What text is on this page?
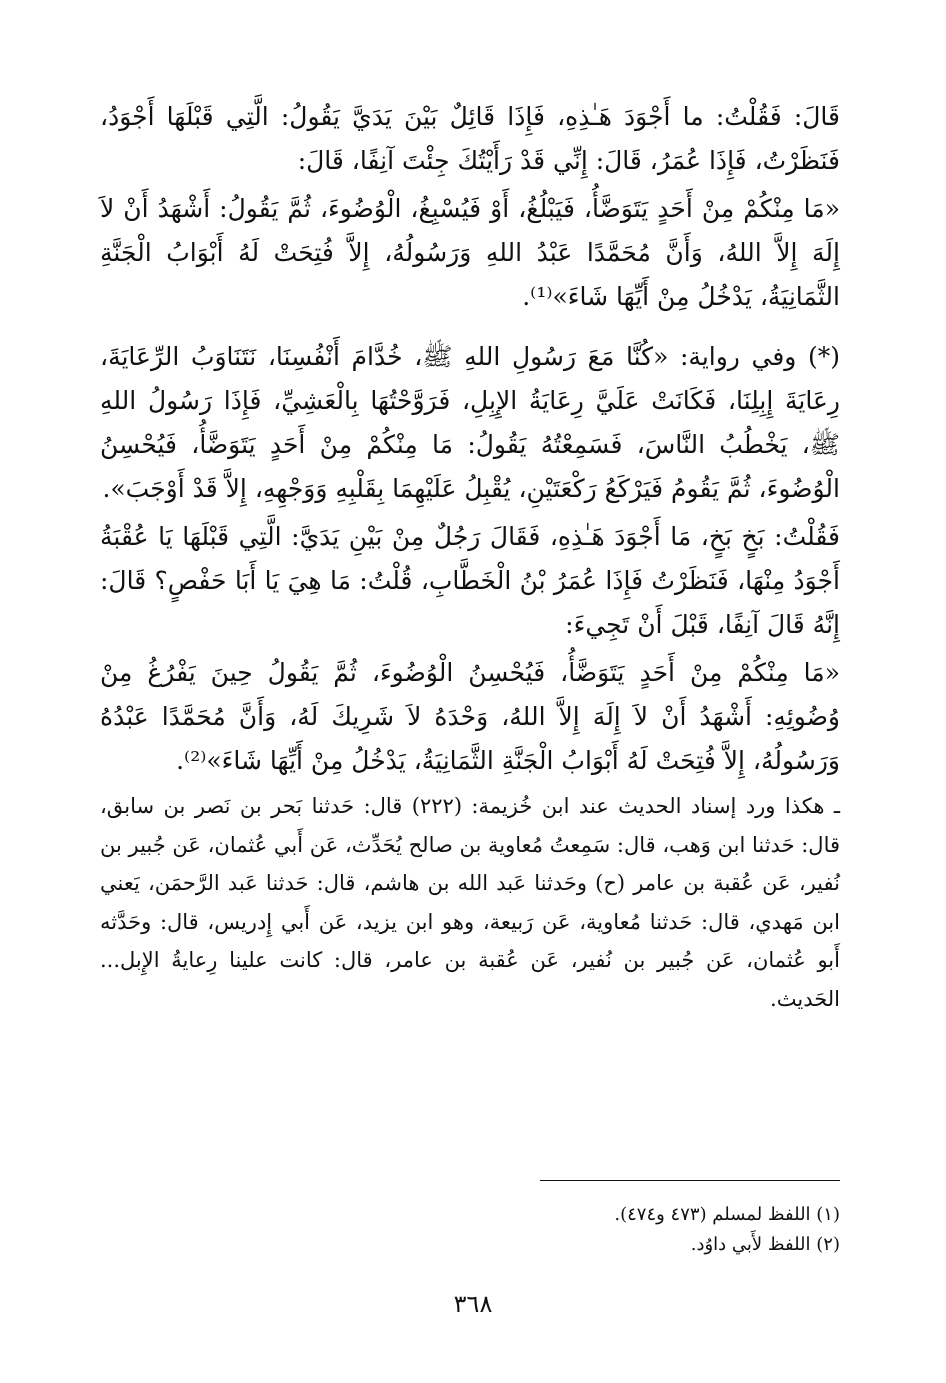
قَالَ: فَقُلْتُ: ما أَجْوَدَ هَـٰذِهِ، فَإِذَا قَائِلٌ بَيْنَ يَدَيَّ يَقُولُ: الَّتِي قَبْلَهَا أَجْوَدُ، فَنَظَرْتُ، فَإِذَا عُمَرُ، قَالَ: إِنِّي قَدْ رَأَيْتُكَ جِئْتَ آنِفًا، قَالَ:

«مَا مِنْكُمْ مِنْ أَحَدٍ يَتَوَضَّأُ، فَيَبْلُغُ، أَوْ فَيُسْبِغُ، الْوُضُوءَ، ثُمَّ يَقُولُ: أَشْهَدُ أَنْ لاَ إِلَهَ إِلاَّ اللهُ، وَأَنَّ مُحَمَّدًا عَبْدُ اللهِ وَرَسُولُهُ، إِلاَّ فُتِحَتْ لَهُ أَبْوَابُ الْجَنَّةِ الثَّمَانِيَةُ، يَدْخُلُ مِنْ أَيِّهَا شَاءَ»⁽¹⁾.

(*) وفي رواية: «كُنَّا مَعَ رَسُولِ اللهِ ﷺ، خُدَّامَ أَنْفُسِنَا، نَتَنَاوَبُ الرِّعَايَةَ، رِعَايَةَ إِبِلِنَا، فَكَانَتْ عَلَيَّ رِعَايَةُ الإِبِلِ، فَرَوَّحْتُهَا بِالْعَشِيِّ، فَإِذَا رَسُولُ اللهِ ﷺ، يَخْطُبُ النَّاسَ، فَسَمِعْتُهُ يَقُولُ: مَا مِنْكُمْ مِنْ أَحَدٍ يَتَوَضَّأُ، فَيُحْسِنُ الْوُضُوءَ، ثُمَّ يَقُومُ فَيَرْكَعُ رَكْعَتَيْنِ، يُقْبِلُ عَلَيْهِمَا بِقَلْبِهِ وَوَجْهِهِ، إِلاَّ قَدْ أَوْجَبَ».

فَقُلْتُ: بَخٍ بَخٍ، مَا أَجْوَدَ هَـٰذِهِ، فَقَالَ رَجُلٌ مِنْ بَيْنِ يَدَيَّ: الَّتِي قَبْلَهَا يَا عُقْبَةُ أَجْوَدُ مِنْهَا، فَنَظَرْتُ فَإِذَا عُمَرُ بْنُ الْخَطَّابِ، قُلْتُ: مَا هِيَ يَا أَبَا حَفْصٍ؟ قَالَ: إِنَّهُ قَالَ آنِفًا، قَبْلَ أَنْ تَجِيءَ:

«مَا مِنْكُمْ مِنْ أَحَدٍ يَتَوَضَّأُ، فَيُحْسِنُ الْوُضُوءَ، ثُمَّ يَقُولُ حِينَ يَفْرُغُ مِنْ وُضُوئِهِ: أَشْهَدُ أَنْ لاَ إِلَهَ إِلاَّ اللهُ، وَحْدَهُ لاَ شَرِيكَ لَهُ، وَأَنَّ مُحَمَّدًا عَبْدُهُ وَرَسُولُهُ، إِلاَّ فُتِحَتْ لَهُ أَبْوَابُ الْجَنَّةِ الثَّمَانِيَةُ، يَدْخُلُ مِنْ أَيِّهَا شَاءَ»⁽²⁾.

ـ هكذا ورد إسناد الحديث عند ابن خُزيمة: (٢٢٢) قال: حَدثنا بَحر بن نَصر بن سابق، قال: حَدثنا ابن وَهب، قال: سَمِعتُ مُعاوية بن صالح يُحَدِّث، عَن أَبي عُثمان، عَن جُبير بن نُفير، عَن عُقبة بن عامر (ح) وحَدثنا عَبد الله بن هاشم، قال: حَدثنا عَبد الرَّحمَن، يَعني ابن مَهدي، قال: حَدثنا مُعاوية، عَن رَبيعة، وهو ابن يزيد، عَن أَبي إِدريس، قال: وحَدَّثه أَبو عُثمان، عَن جُبير بن نُفير، عَن عُقبة بن عامر، قال: كانت علينا رِعايةُ الإِبل... الحَديث.

(١) اللفظ لمسلم (٤٧٣ و٤٧٤).
(٢) اللفظ لأَبي داوُد.
٣٦٨
